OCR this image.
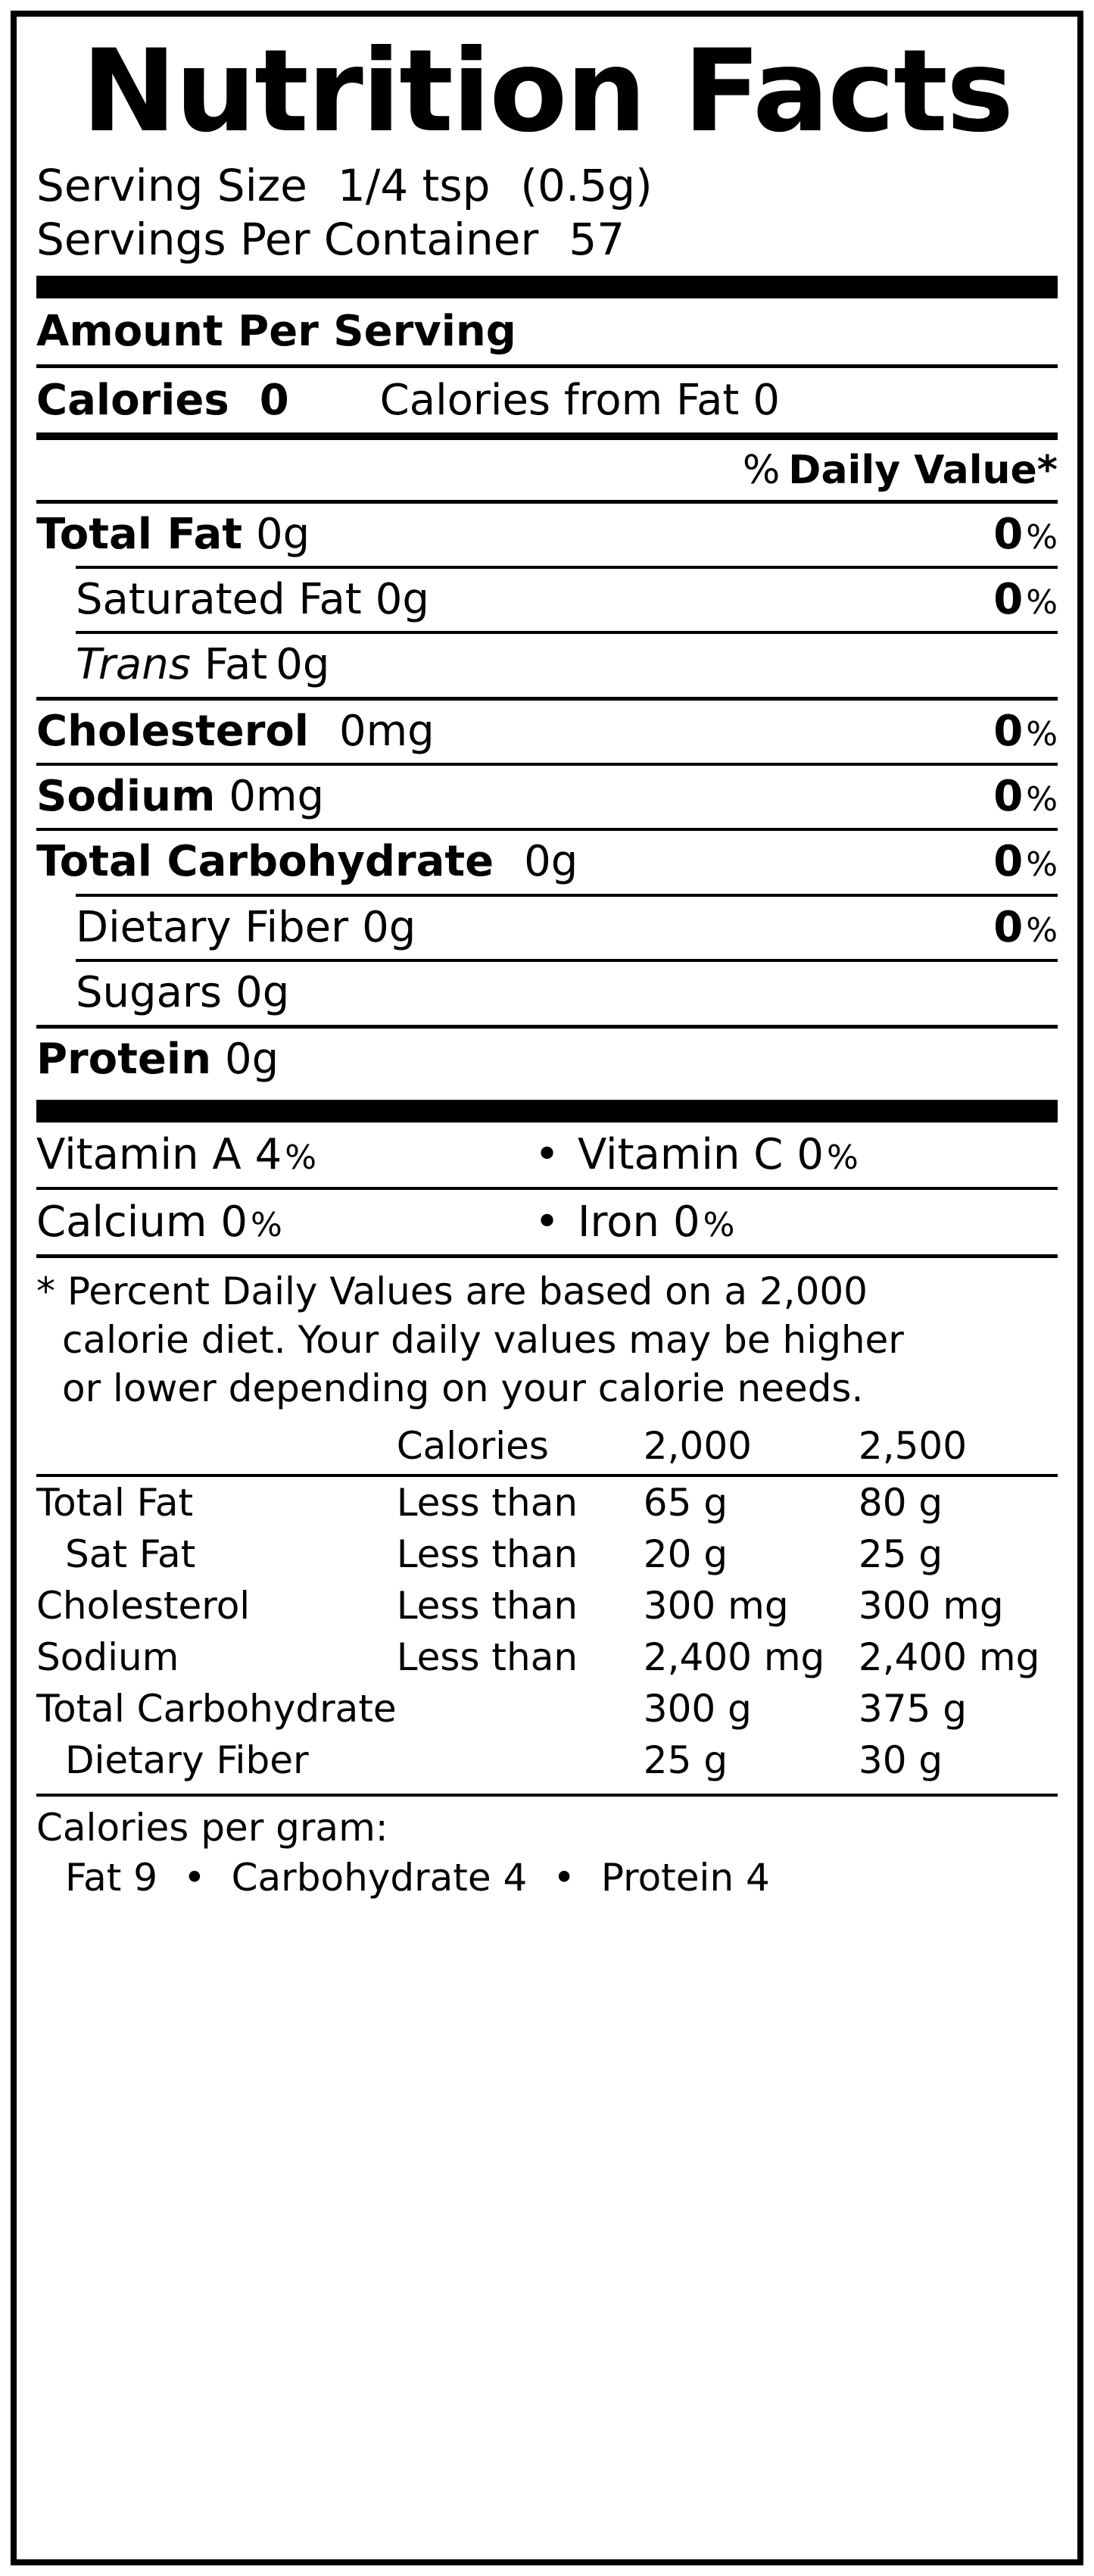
Nutrition Facts
Serving Size 1/4 tsp (0.5g)
Servings Per Container 57
Amount Per Serving
Calories 0 Calories from Fat 0
% Daily Value*
Total Fat 0g	0 %
Saturated Fat 0g	0 %
Trans Fat 0g
Cholesterol 0mg	0 %
Sodium 0mg	0 %
Total Carbohydrate 0g	0 %
Dietary Fiber 0g	0 %
Sugars 0g
Protein 0g
Vitamin A 4%	• Vitamin C 0%
Calcium 0%	• Iron 0%
* Percent Daily Values are based on a 2,000
calorie diet. Your daily values may be higher
or lower depending on your calorie needs.
	Calories	2,000	2,500

Total Fat	Less than	65 g	80 g
Sat Fat	Less than	20 g	25 g
Cholesterol	Less than	300 mg	300 mg
Sodium	Less than	2,400 mg	2,400 mg
Total Carbohydrate		300 g	375 g
Dietary Fiber		25 g	30 g
Calories per gram:
Fat 9 • Carbohydrate 4 • Protein 4
